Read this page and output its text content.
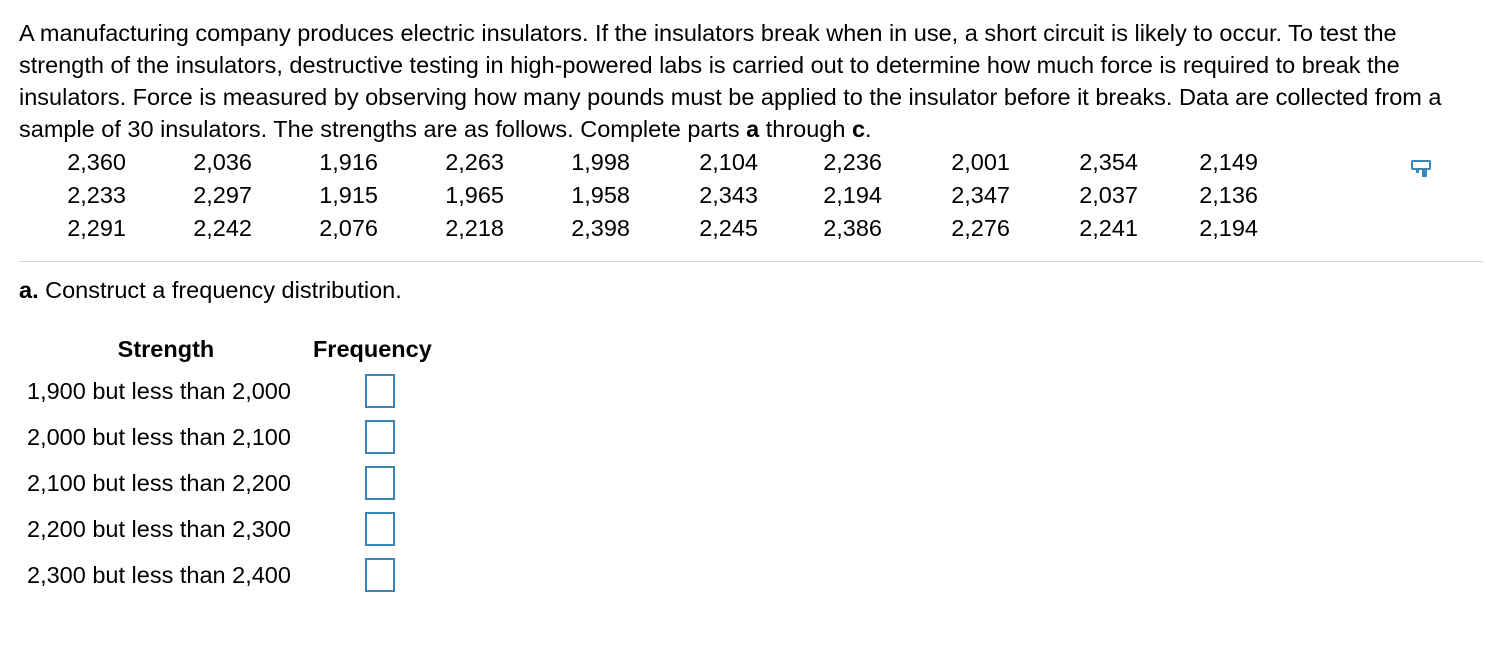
A manufacturing company produces electric insulators. If the insulators break when in use, a short circuit is likely to occur. To test the strength of the insulators, destructive testing in high-powered labs is carried out to determine how much force is required to break the insulators. Force is measured by observing how many pounds must be applied to the insulator before it breaks. Data are collected from a sample of 30 insulators. The strengths are as follows. Complete parts a through c.
2,360	2,036	1,916	2,263	1,998	2,104	2,236	2,001	2,354	2,149
2,233	2,297	1,915	1,965	1,958	2,343	2,194	2,347	2,037	2,136
2,291	2,242	2,076	2,218	2,398	2,245	2,386	2,276	2,241	2,194
a. Construct a frequency distribution.
Strength	Frequency
1,900 but less than 2,000	

2,000 but less than 2,100	

2,100 but less than 2,200	

2,200 but less than 2,300	

2,300 but less than 2,400	
